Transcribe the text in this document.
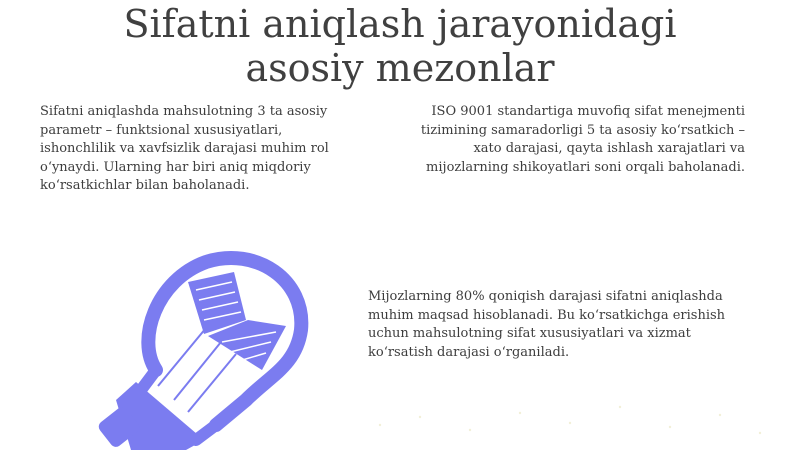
Sifatni aniqlash jarayonidagi
asosiy mezonlar

Sifatni aniqlashda mahsulotning 3 ta asosiy parametr – funktsional xususiyatlari, ishonchlilik va xavfsizlik darajasi muhim rol o‘ynaydi. Ularning har biri aniq miqdoriy ko‘rsatkichlar bilan baholanadi.

ISO 9001 standartiga muvofiq sifat menejmenti tizimining samaradorligi 5 ta asosiy ko‘rsatkich – xato darajasi, qayta ishlash xarajatlari va mijozlarning shikoyatlari soni orqali baholanadi.

Mijozlarning 80% qoniqish darajasi sifatni aniqlashda muhim maqsad hisoblanadi. Bu ko‘rsatkichga erishish uchun mahsulotning sifat xususiyatlari va xizmat ko‘rsatish darajasi o‘rganiladi.
